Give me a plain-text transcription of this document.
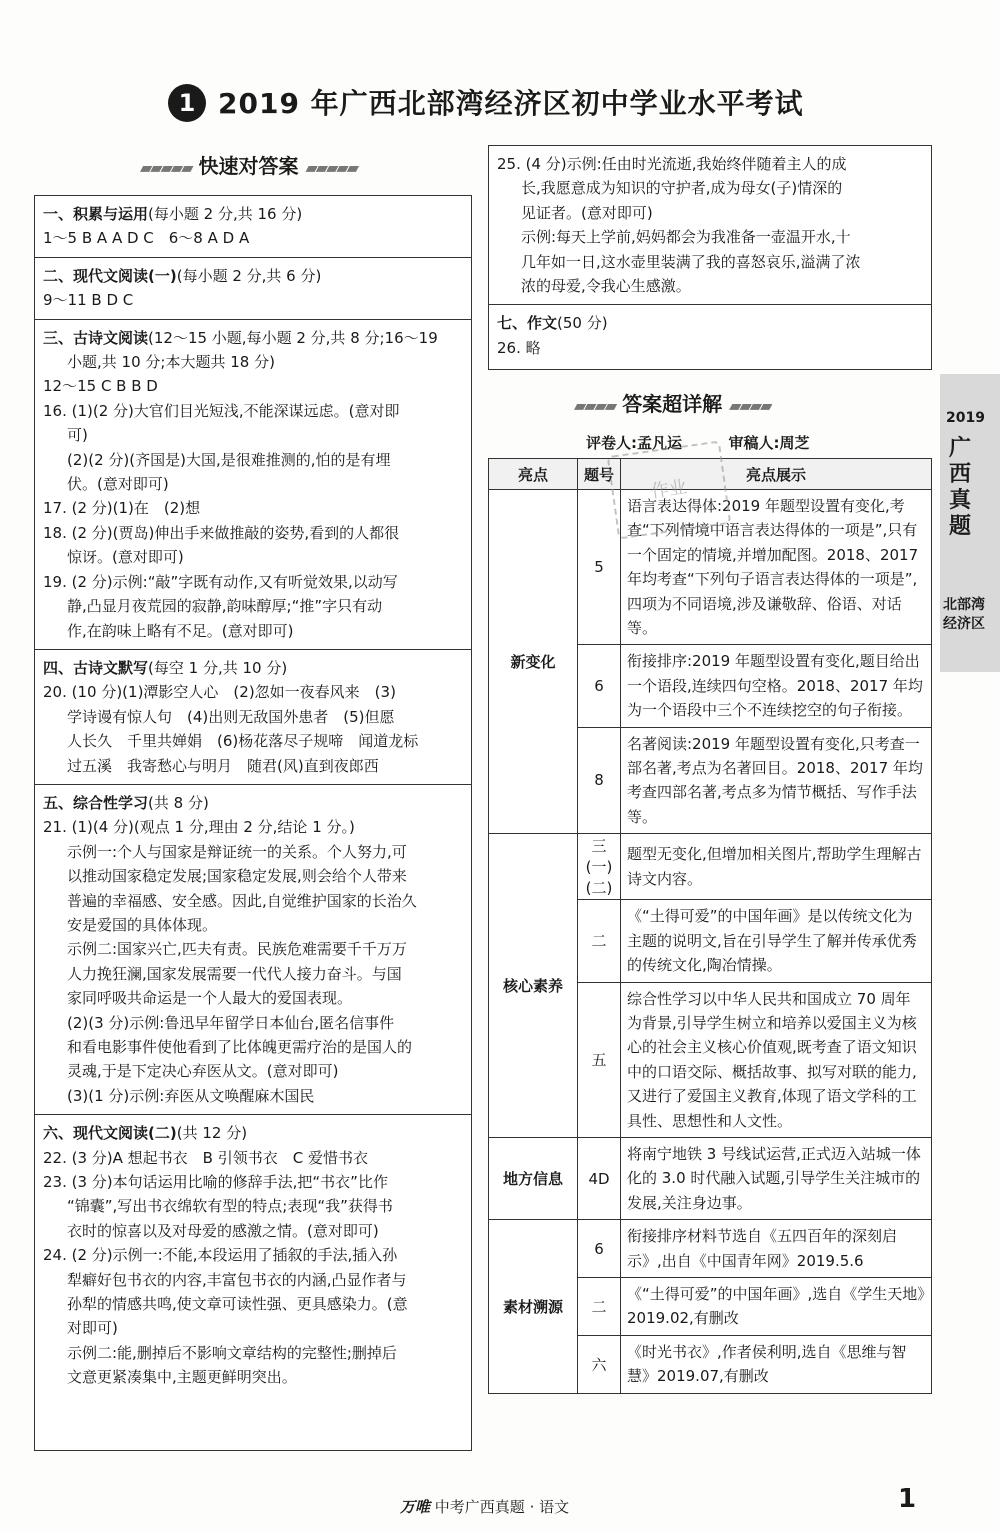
1 2019 年广西北部湾经济区初中学业水平考试
▰▰▰▰▰ 快速对答案 ▰▰▰▰▰
一、积累与运用(每小题 2 分,共 16 分)
1～5 B A A D C　6～8 A D A
二、现代文阅读(一)(每小题 2 分,共 6 分)
9～11 B D C
三、古诗文阅读(12～15 小题,每小题 2 分,共 8 分;16～19
小题,共 10 分;本大题共 18 分)
12～15 C B B D
16. (1)(2 分)大官们目光短浅,不能深谋远虑。(意对即
可)
(2)(2 分)(齐国是)大国,是很难推测的,怕的是有埋
伏。(意对即可)
17. (2 分)(1)在　(2)想
18. (2 分)(贾岛)伸出手来做推敲的姿势,看到的人都很
惊讶。(意对即可)
19. (2 分)示例:“敲”字既有动作,又有听觉效果,以动写
静,凸显月夜荒园的寂静,韵味醇厚;“推”字只有动
作,在韵味上略有不足。(意对即可)
四、古诗文默写(每空 1 分,共 10 分)
20. (10 分)(1)潭影空人心　(2)忽如一夜春风来　(3)
学诗谩有惊人句　(4)出则无敌国外患者　(5)但愿
人长久　千里共婵娟　(6)杨花落尽子规啼　闻道龙标
过五溪　我寄愁心与明月　随君(风)直到夜郎西
五、综合性学习(共 8 分)
21. (1)(4 分)(观点 1 分,理由 2 分,结论 1 分。)
示例一:个人与国家是辩证统一的关系。个人努力,可
以推动国家稳定发展;国家稳定发展,则会给个人带来
普遍的幸福感、安全感。因此,自觉维护国家的长治久
安是爱国的具体体现。
示例二:国家兴亡,匹夫有责。民族危难需要千千万万
人力挽狂澜,国家发展需要一代代人接力奋斗。与国
家同呼吸共命运是一个人最大的爱国表现。
(2)(3 分)示例:鲁迅早年留学日本仙台,匿名信事件
和看电影事件使他看到了比体魄更需疗治的是国人的
灵魂,于是下定决心弃医从文。(意对即可)
(3)(1 分)示例:弃医从文唤醒麻木国民
六、现代文阅读(二)(共 12 分)
22. (3 分)A 想起书衣　B 引领书衣　C 爱惜书衣
23. (3 分)本句话运用比喻的修辞手法,把“书衣”比作
“锦囊”,写出书衣绵软有型的特点;表现“我”获得书
衣时的惊喜以及对母爱的感激之情。(意对即可)
24. (2 分)示例一:不能,本段运用了插叙的手法,插入孙
犁癖好包书衣的内容,丰富包书衣的内涵,凸显作者与
孙犁的情感共鸣,使文章可读性强、更具感染力。(意
对即可)
示例二:能,删掉后不影响文章结构的完整性;删掉后
文意更紧凑集中,主题更鲜明突出。
25. (4 分)示例:任由时光流逝,我始终伴随着主人的成
长,我愿意成为知识的守护者,成为母女(子)情深的
见证者。(意对即可)
示例:每天上学前,妈妈都会为我准备一壶温开水,十
几年如一日,这水壶里装满了我的喜怒哀乐,溢满了浓
浓的母爱,令我心生感激。
七、作文(50 分)
26. 略
▰▰▰▰ 答案超详解 ▰▰▰▰
评卷人:孟凡运	审稿人:周芝
亮点	题号	亮点展示
新变化	5	语言表达得体:2019 年题型设置有变化,考查“下列情境中语言表达得体的一项是”,只有一个固定的情境,并增加配图。2018、2017 年均考查“下列句子语言表达得体的一项是”,四项为不同语境,涉及谦敬辞、俗语、对话等。
	6	衔接排序:2019 年题型设置有变化,题目给出一个语段,连续四句空格。2018、2017 年均为一个语段中三个不连续挖空的句子衔接。
	8	名著阅读:2019 年题型设置有变化,只考查一部名著,考点为名著回目。2018、2017 年均考查四部名著,考点多为情节概括、写作手法等。
核心素养	三(一)(二)	题型无变化,但增加相关图片,帮助学生理解古诗文内容。
	二	《“土得可爱”的中国年画》是以传统文化为主题的说明文,旨在引导学生了解并传承优秀的传统文化,陶冶情操。
	五	综合性学习以中华人民共和国成立 70 周年为背景,引导学生树立和培养以爱国主义为核心的社会主义核心价值观,既考查了语文知识中的口语交际、概括故事、拟写对联的能力,又进行了爱国主义教育,体现了语文学科的工具性、思想性和人文性。
地方信息	4D	将南宁地铁 3 号线试运营,正式迈入站城一体化的 3.0 时代融入试题,引导学生关注城市的发展,关注身边事。
素材溯源	6	衔接排序材料节选自《五四百年的深刻启示》,出自《中国青年网》2019.5.6
	二	《“土得可爱”的中国年画》,选自《学生天地》2019.02,有删改
	六	《时光书衣》,作者侯利明,选自《思维与智慧》2019.07,有删改
作业
2019
广西真题
北部湾经济区
万唯 中考广西真题 · 语文	1
